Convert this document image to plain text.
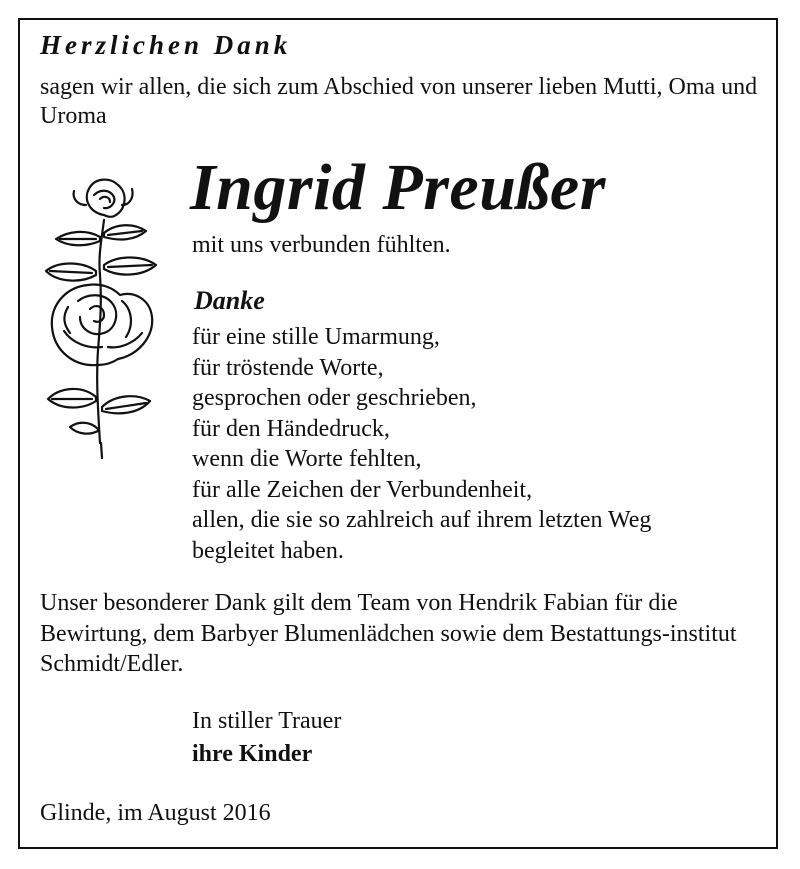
Herzlichen Dank
sagen wir allen, die sich zum Abschied von unserer lieben Mutti, Oma und Uroma
Ingrid Preußer
mit uns verbunden fühlten.
Danke
für eine stille Umarmung,
für tröstende Worte,
gesprochen oder geschrieben,
für den Händedruck,
wenn die Worte fehlten,
für alle Zeichen der Verbundenheit,
allen, die sie so zahlreich auf ihrem letzten Weg
begleitet haben.
Unser besonderer Dank gilt dem Team von Hendrik Fabian für die Bewirtung, dem Barbyer Blumenlädchen sowie dem Bestattungs-institut Schmidt/Edler.
In stiller Trauer
ihre Kinder
Glinde, im August 2016
